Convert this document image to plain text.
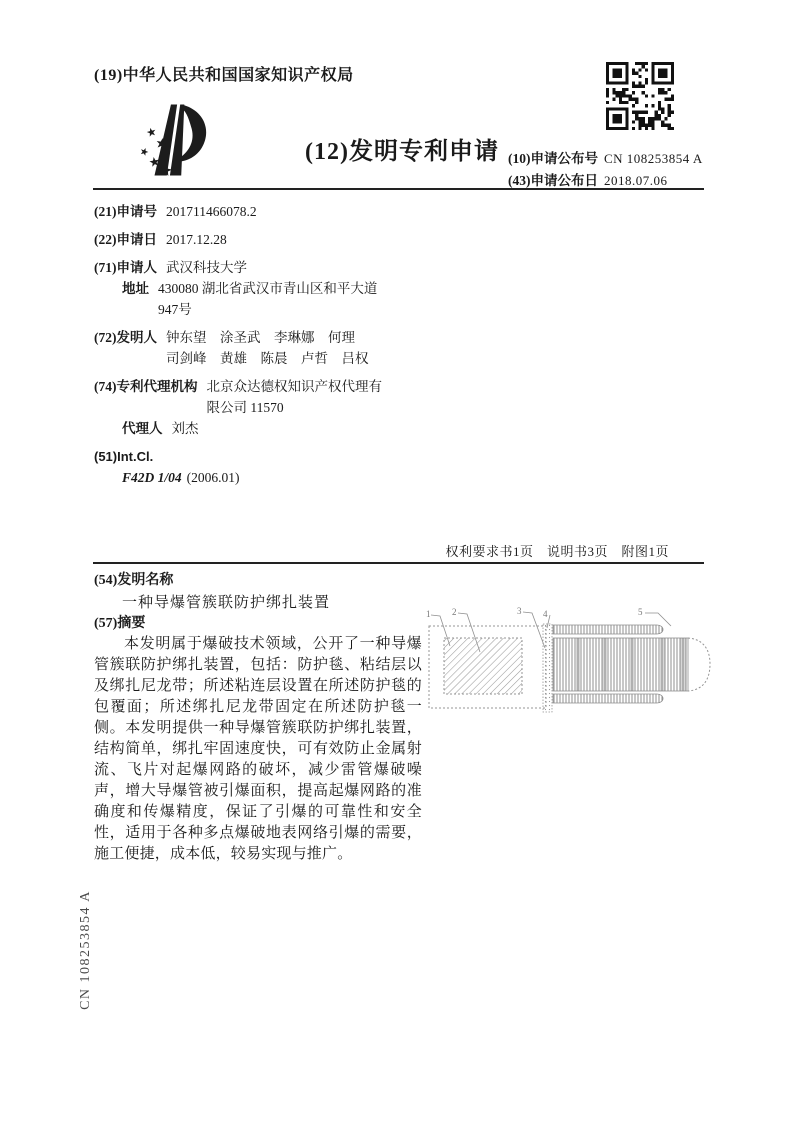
(19)中华人民共和国国家知识产权局
(12)发明专利申请 (10)申请公布号 CN 108253854 A
(43)申请公布日 2018.07.06
(21)申请号 201711466078.2
(22)申请日 2017.12.28
(71)申请人 武汉科技大学
地址 430080 湖北省武汉市青山区和平大道947号
(72)发明人 钟东望　涂圣武　李琳娜　何理
司剑峰　黄雄　陈晨　卢哲　吕权
(74)专利代理机构 北京众达德权知识产权代理有限公司 11570
代理人 刘杰
(51)Int.Cl.
F42D 1/04 (2006.01)
权利要求书1页　说明书3页　附图1页
(54)发明名称
一种导爆管簇联防护绑扎装置
(57)摘要
本发明属于爆破技术领域，公开了一种导爆管簇联防护绑扎装置，包括：防护毯、粘结层以及绑扎尼龙带；所述粘连层设置在所述防护毯的包覆面；所述绑扎尼龙带固定在所述防护毯一侧。本发明提供一种导爆管簇联防护绑扎装置，结构简单，绑扎牢固速度快，可有效防止金属射流、飞片对起爆网路的破坏，减少雷管爆破噪声，增大导爆管被引爆面积，提高起爆网路的准确度和传爆精度，保证了引爆的可靠性和安全性，适用于各种多点爆破地表网络引爆的需要，施工便捷，成本低，较易实现与推广。
1 2	3 4	5
CN 108253854 A
